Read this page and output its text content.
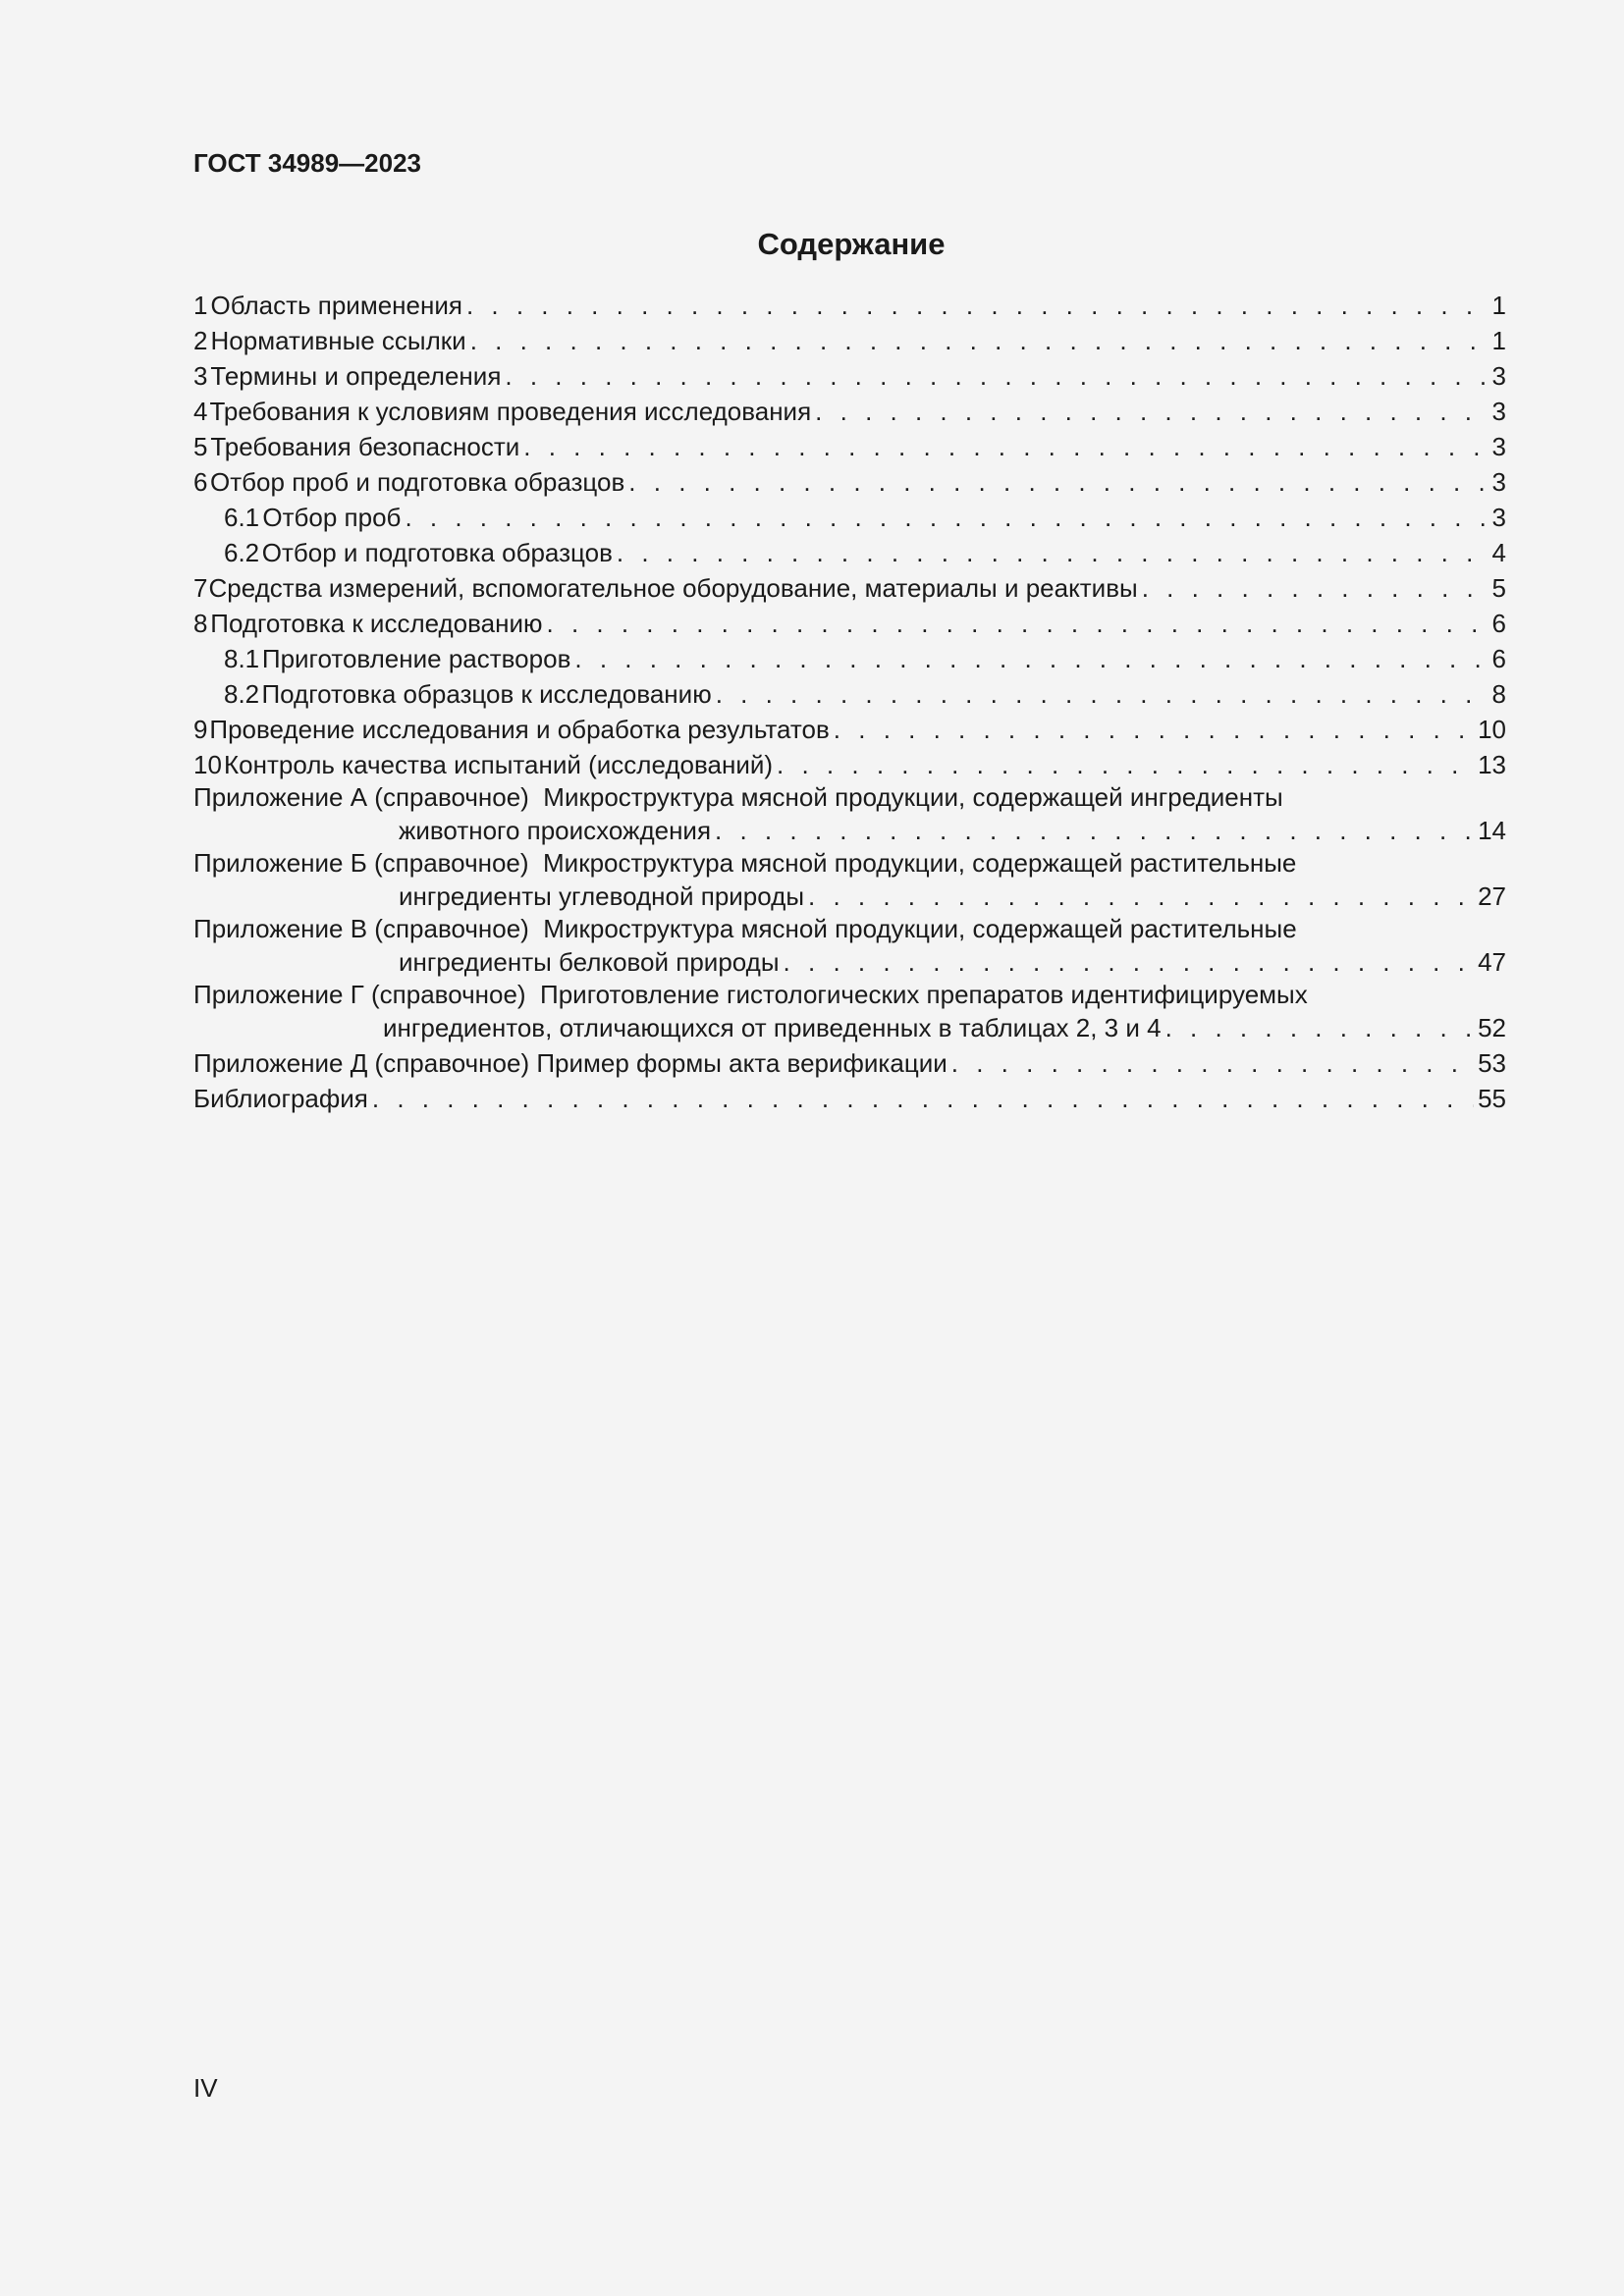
ГОСТ 34989—2023
Содержание
1 Область применения . . .	1
2 Нормативные ссылки . . .	1
3 Термины и определения . . .	3
4 Требования к условиям проведения исследования . . .	3
5 Требования безопасности . . .	3
6 Отбор проб и подготовка образцов . . .	3
6.1 Отбор проб . . .	3
6.2 Отбор и подготовка образцов . . .	4
7 Средства измерений, вспомогательное оборудование, материалы и реактивы . . .	5
8 Подготовка к исследованию . . .	6
8.1 Приготовление растворов . . .	6
8.2 Подготовка образцов к исследованию . . .	8
9 Проведение исследования и обработка результатов . . .	10
10 Контроль качества испытаний (исследований) . . .	13
Приложение А (справочное) Микроструктура мясной продукции, содержащей ингредиенты
животного происхождения . . .	14
Приложение Б (справочное) Микроструктура мясной продукции, содержащей растительные
ингредиенты углеводной природы . . .	27
Приложение В (справочное) Микроструктура мясной продукции, содержащей растительные
ингредиенты белковой природы . . .	47
Приложение Г (справочное) Приготовление гистологических препаратов идентифицируемых
ингредиентов, отличающихся от приведенных в таблицах 2, 3 и 4 . . .	52
Приложение Д (справочное)
Пример формы акта верификации . . .	53
Библиография . . .	55
IV
